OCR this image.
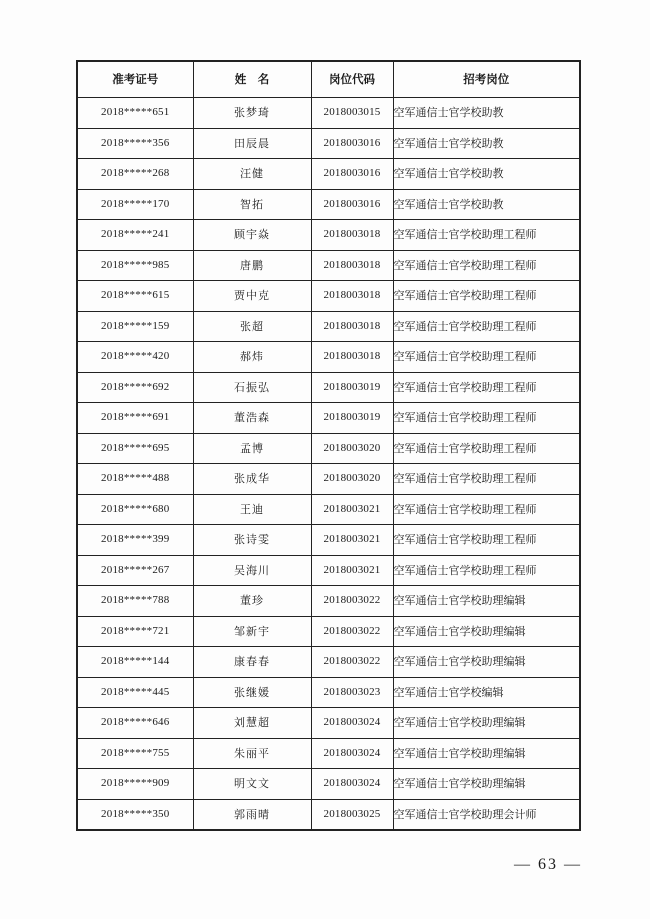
准考证号	姓　名	岗位代码	招考岗位
2018*****651	张梦琦	2018003015	空军通信士官学校助教
2018*****356	田辰晨	2018003016	空军通信士官学校助教
2018*****268	汪健	2018003016	空军通信士官学校助教
2018*****170	智拓	2018003016	空军通信士官学校助教
2018*****241	顾宇焱	2018003018	空军通信士官学校助理工程师
2018*****985	唐鹏	2018003018	空军通信士官学校助理工程师
2018*****615	贾中克	2018003018	空军通信士官学校助理工程师
2018*****159	张超	2018003018	空军通信士官学校助理工程师
2018*****420	郝炜	2018003018	空军通信士官学校助理工程师
2018*****692	石振弘	2018003019	空军通信士官学校助理工程师
2018*****691	董浩森	2018003019	空军通信士官学校助理工程师
2018*****695	孟博	2018003020	空军通信士官学校助理工程师
2018*****488	张成华	2018003020	空军通信士官学校助理工程师
2018*****680	王迪	2018003021	空军通信士官学校助理工程师
2018*****399	张诗雯	2018003021	空军通信士官学校助理工程师
2018*****267	吴海川	2018003021	空军通信士官学校助理工程师
2018*****788	董珍	2018003022	空军通信士官学校助理编辑
2018*****721	邹新宇	2018003022	空军通信士官学校助理编辑
2018*****144	康春春	2018003022	空军通信士官学校助理编辑
2018*****445	张继媛	2018003023	空军通信士官学校编辑
2018*****646	刘慧超	2018003024	空军通信士官学校助理编辑
2018*****755	朱丽平	2018003024	空军通信士官学校助理编辑
2018*****909	明文文	2018003024	空军通信士官学校助理编辑
2018*****350	郭雨晴	2018003025	空军通信士官学校助理会计师
— 63 —
